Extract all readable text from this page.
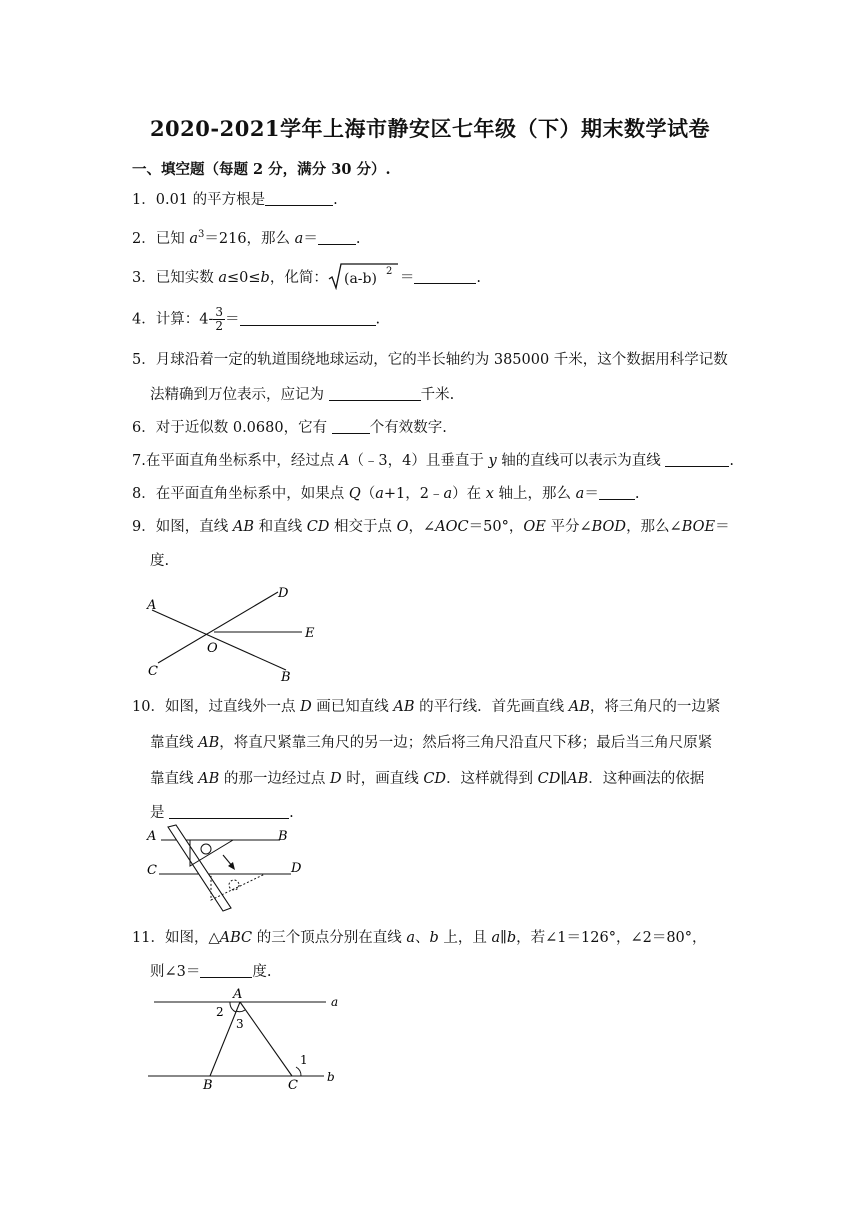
2020-2021学年上海市静安区七年级（下）期末数学试卷
一、填空题（每题 2 分，满分 30 分）.
1．0.01 的平方根是	.
2．已知 $a^3=216$，那么 a＝	.
3．已知实数 a≤0≤b，化简： (a-b) 2 ＝	.
4．计算：$4- \frac{3}{2}$ ＝	.
5．月球沿着一定的轨道围绕地球运动，它的半长轴约为 385000 千米，这个数据用科学记数
法精确到万位表示，应记为	千米.
6．对于近似数 0.0680，它有	个有效数字.
7.在平面直角坐标系中，经过点 A（﹣3，4）且垂直于 y 轴的直线可以表示为直线	.
8．在平面直角坐标系中，如果点 Q（a+1，2﹣a）在 x 轴上，那么 a＝ .
9．如图，直线 AB 和直线 CD 相交于点 O，∠AOC＝50°，OE 平分∠BOD，那么∠BOE＝
度.
A
D
E
O
C	B
10．如图，过直线外一点 D 画已知直线 AB 的平行线．首先画直线 AB，将三角尺的一边紧
靠直线 AB，将直尺紧靠三角尺的另一边；然后将三角尺沿直尺下移；最后当三角尺原紧
靠直线 AB 的那一边经过点 D 时，画直线 CD．这样就得到 CD∥AB．这种画法的依据
是	.
A	B
C	D
11．如图，△ABC 的三个顶点分别在直线 a、b 上，且 a∥b，若∠1＝126°，∠2＝80°，
则∠3＝	度.
A
2
3
1
B	C
a
b
